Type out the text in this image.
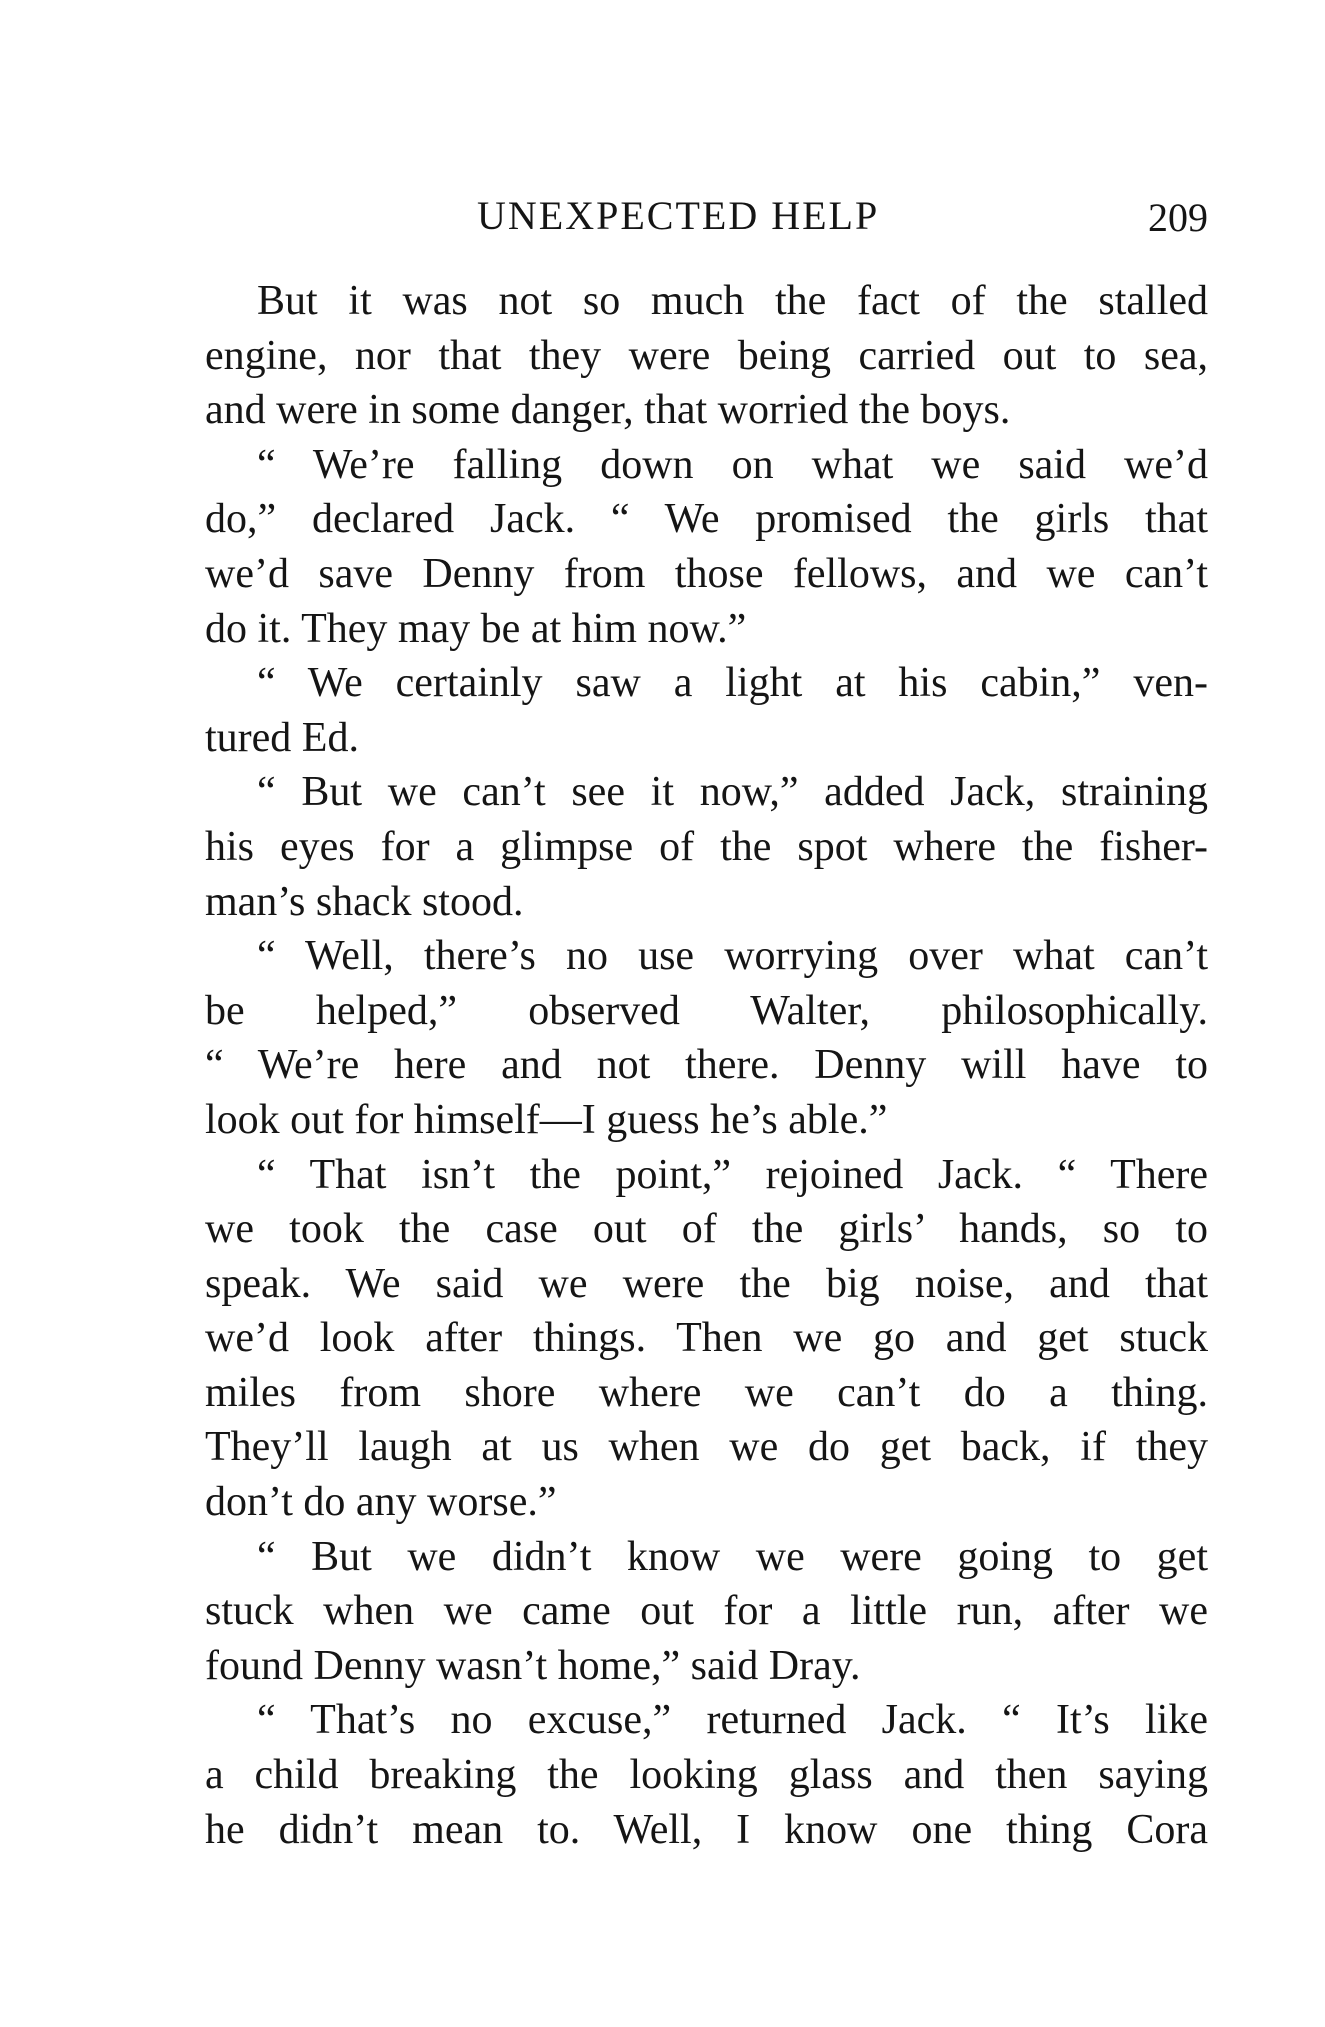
UNEXPECTED HELP	209
But it was not so much the fact of the stalled
engine, nor that they were being carried out to sea,
and were in some danger, that worried the boys.
“ We’re falling down on what we said we’d
do,” declared Jack. “ We promised the girls that
we’d save Denny from those fellows, and we can’t
do it. They may be at him now.”
“ We certainly saw a light at his cabin,” ven-
tured Ed.
“ But we can’t see it now,” added Jack, straining
his eyes for a glimpse of the spot where the fisher-
man’s shack stood.
“ Well, there’s no use worrying over what can’t
be helped,” observed Walter, philosophically.
“ We’re here and not there. Denny will have to
look out for himself—I guess he’s able.”
“ That isn’t the point,” rejoined Jack. “ There
we took the case out of the girls’ hands, so to
speak. We said we were the big noise, and that
we’d look after things. Then we go and get stuck
miles from shore where we can’t do a thing.
They’ll laugh at us when we do get back, if they
don’t do any worse.”
“ But we didn’t know we were going to get
stuck when we came out for a little run, after we
found Denny wasn’t home,” said Dray.
“ That’s no excuse,” returned Jack. “ It’s like
a child breaking the looking glass and then saying
he didn’t mean to. Well, I know one thing Cora
